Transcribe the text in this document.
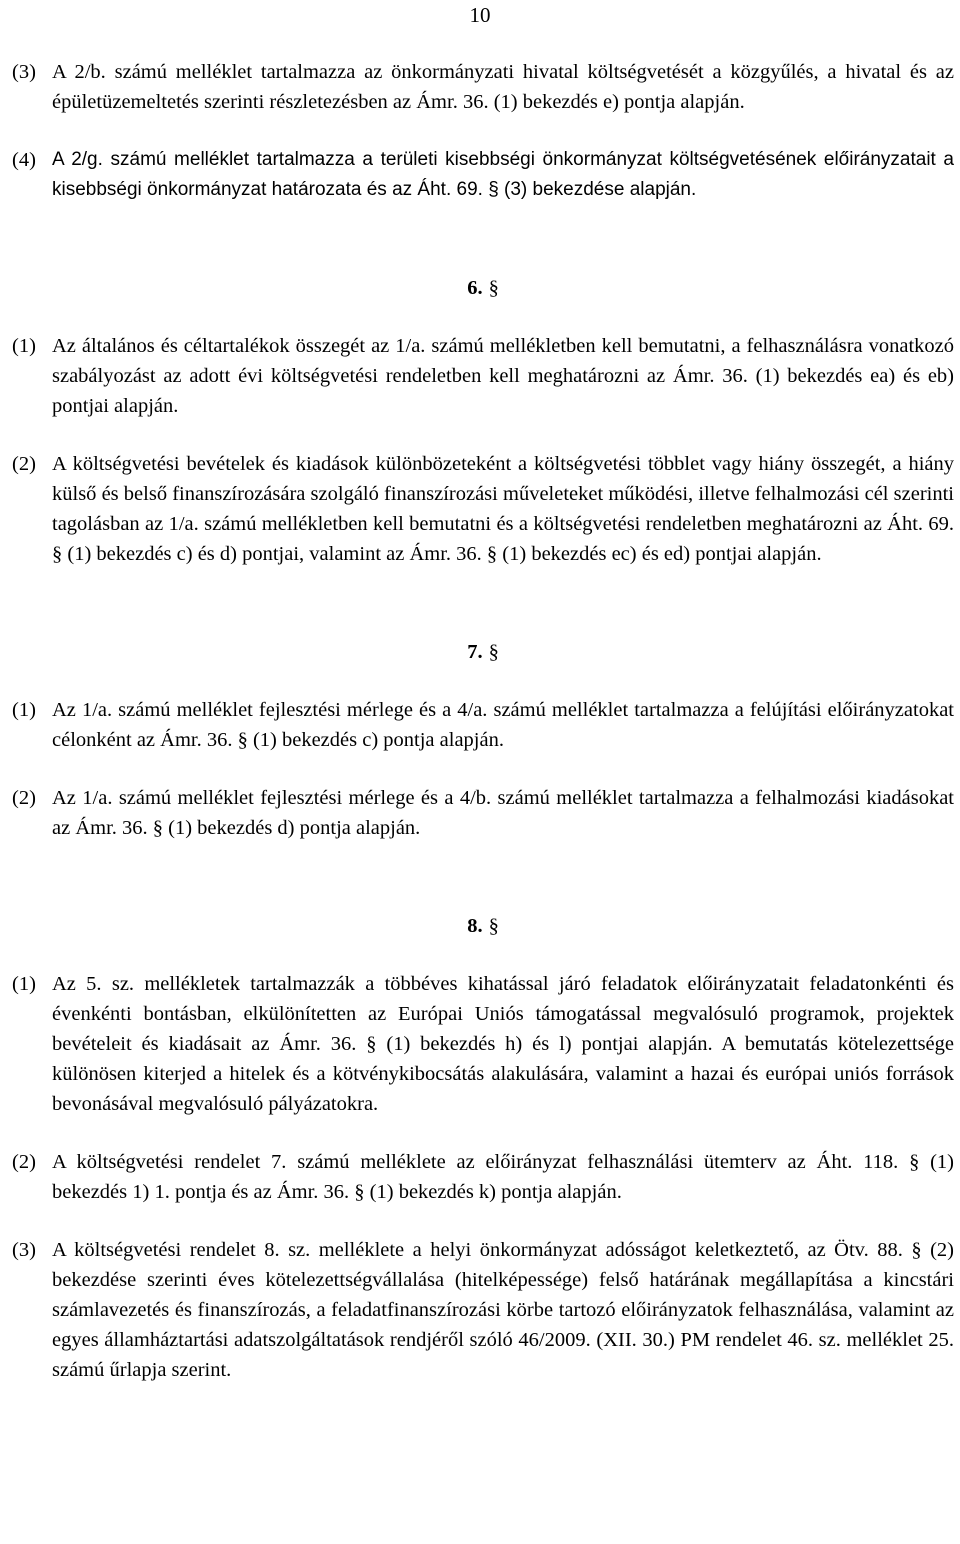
10
(3) A 2/b. számú melléklet tartalmazza az önkormányzati hivatal költségvetését a közgyűlés, a hivatal és az épületüzemeltetés szerinti részletezésben az Ámr. 36. (1) bekezdés e) pontja alapján.
(4) A 2/g. számú melléklet tartalmazza a területi kisebbségi önkormányzat költségvetésének előirányzatait a kisebbségi önkormányzat határozata és az Áht. 69. § (3) bekezdése alapján.
6. §
(1) Az általános és céltartalékok összegét az 1/a. számú mellékletben kell bemutatni, a felhasználásra vonatkozó szabályozást az adott évi költségvetési rendeletben kell meghatározni az Ámr. 36. (1) bekezdés ea) és eb) pontjai alapján.
(2) A költségvetési bevételek és kiadások különbözeteként a költségvetési többlet vagy hiány összegét, a hiány külső és belső finanszírozására szolgáló finanszírozási műveleteket működési, illetve felhalmozási cél szerinti tagolásban az 1/a. számú mellékletben kell bemutatni és a költségvetési rendeletben meghatározni az Áht. 69. § (1) bekezdés c) és d) pontjai, valamint az Ámr. 36. § (1) bekezdés ec) és ed) pontjai alapján.
7. §
(1) Az 1/a. számú melléklet fejlesztési mérlege és a 4/a. számú melléklet tartalmazza a felújítási előirányzatokat célonként az Ámr. 36. § (1) bekezdés c) pontja alapján.
(2) Az 1/a. számú melléklet fejlesztési mérlege és a 4/b. számú melléklet tartalmazza a felhalmozási kiadásokat az Ámr. 36. § (1) bekezdés d) pontja alapján.
8. §
(1) Az 5. sz. mellékletek tartalmazzák a többéves kihatással járó feladatok előirányzatait feladatonkénti és évenkénti bontásban, elkülönítetten az Európai Uniós támogatással megvalósuló programok, projektek bevételeit és kiadásait az Ámr. 36. § (1) bekezdés h) és l) pontjai alapján. A bemutatás kötelezettsége különösen kiterjed a hitelek és a kötvénykibocsátás alakulására, valamint a hazai és európai uniós források bevonásával megvalósuló pályázatokra.
(2) A költségvetési rendelet 7. számú melléklete az előirányzat felhasználási ütemterv az Áht. 118. § (1) bekezdés 1) 1. pontja és az Ámr. 36. § (1) bekezdés k) pontja alapján.
(3) A költségvetési rendelet 8. sz. melléklete a helyi önkormányzat adósságot keletkeztető, az Ötv. 88. § (2) bekezdése szerinti éves kötelezettségvállalása (hitelképessége) felső határának megállapítása a kincstári számlavezetés és finanszírozás, a feladatfinanszírozási körbe tartozó előirányzatok felhasználása, valamint az egyes államháztartási adatszolgáltatások rendjéről szóló 46/2009. (XII. 30.) PM rendelet 46. sz. melléklet 25. számú űrlapja szerint.
